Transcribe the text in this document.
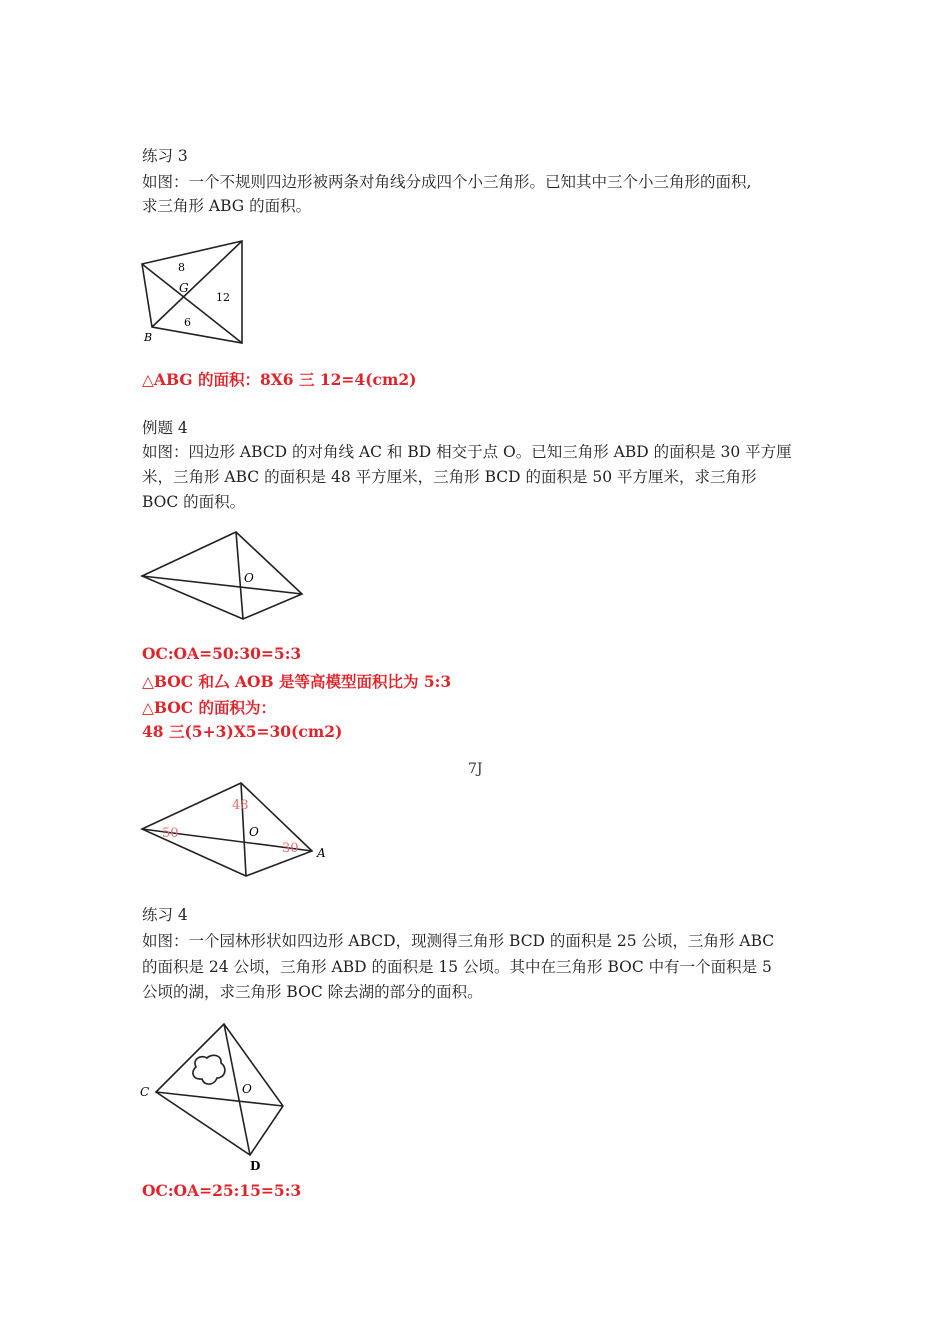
练习 3
如图：一个不规则四边形被两条对角线分成四个小三角形。已知其中三个小三角形的面积,
求三角形 ABG 的面积。
8
G
12
6
B
△ABG 的面积：8X6 三 12=4(cm2)
例题 4
如图：四边形 ABCD 的对角线 AC 和 BD 相交于点 O。已知三角形 ABD 的面积是 30 平方厘
米，三角形 ABC 的面积是 48 平方厘米，三角形 BCD 的面积是 50 平方厘米，求三角形
BOC 的面积。
O
OC:OA=50:30=5:3
△BOC 和厶 AOB 是等高模型面积比为 5:3
△BOC 的面积为：
48 三(5+3)X5=30(cm2)
7J
48
50	O
30 A
练习 4
如图：一个园林形状如四边形 ABCD，现测得三角形 BCD 的面积是 25 公顷，三角形 ABC
的面积是 24 公顷，三角形 ABD 的面积是 15 公顷。其中在三角形 BOC 中有一个面积是 5
公顷的湖，求三角形 BOC 除去湖的部分的面积。
C	O
D
OC:OA=25:15=5:3
